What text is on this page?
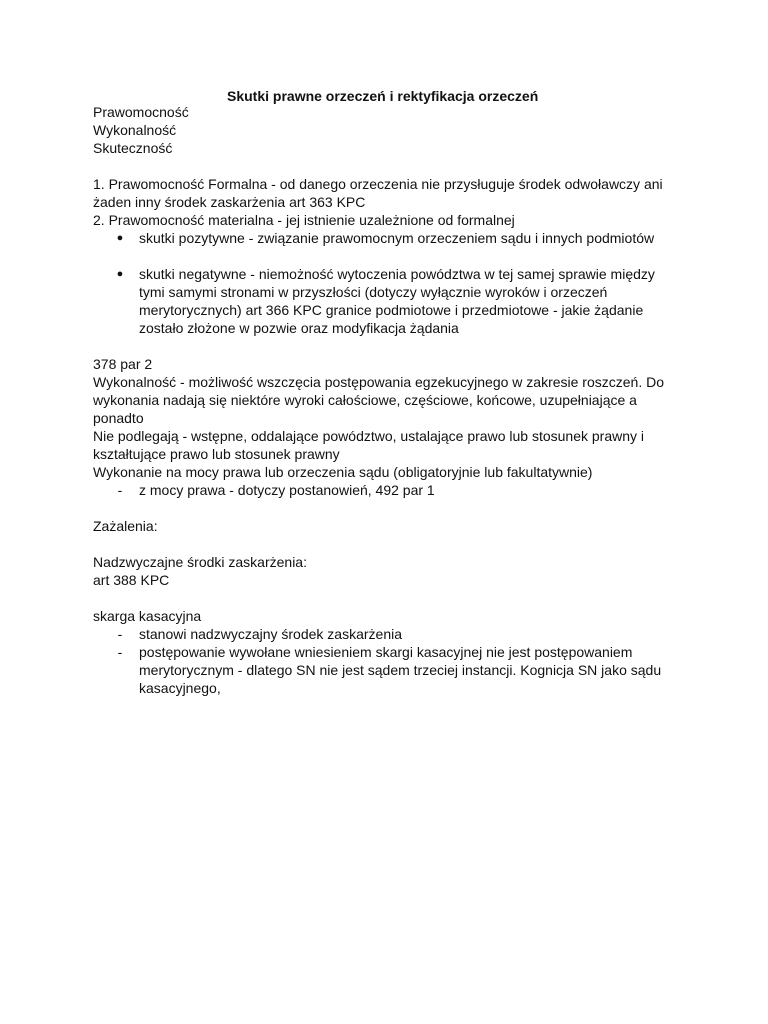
Skutki prawne orzeczeń i rektyfikacja orzeczeń
Prawomocność
Wykonalność
Skuteczność
1. Prawomocność Formalna - od danego orzeczenia nie przysługuje środek odwoławczy ani
żaden inny środek zaskarżenia art 363 KPC
2. Prawomocność materialna - jej istnienie uzależnione od formalnej
● skutki pozytywne - związanie prawomocnym orzeczeniem sądu i innych podmiotów
● skutki negatywne - niemożność wytoczenia powództwa w tej samej sprawie między
tymi samymi stronami w przyszłości (dotyczy wyłącznie wyroków i orzeczeń
merytorycznych) art 366 KPC granice podmiotowe i przedmiotowe - jakie żądanie
zostało złożone w pozwie oraz modyfikacja żądania
378 par 2
Wykonalność - możliwość wszczęcia postępowania egzekucyjnego w zakresie roszczeń. Do
wykonania nadają się niektóre wyroki całościowe, częściowe, końcowe, uzupełniające a
ponadto
Nie podlegają - wstępne, oddalające powództwo, ustalające prawo lub stosunek prawny i
kształtujące prawo lub stosunek prawny
Wykonanie na mocy prawa lub orzeczenia sądu (obligatoryjnie lub fakultatywnie)
-	z mocy prawa - dotyczy postanowień, 492 par 1
Zażalenia:
Nadzwyczajne środki zaskarżenia:
art 388 KPC
skarga kasacyjna
-	stanowi nadzwyczajny środek zaskarżenia
-	postępowanie wywołane wniesieniem skargi kasacyjnej nie jest postępowaniem
merytorycznym - dlatego SN nie jest sądem trzeciej instancji. Kognicja SN jako sądu
kasacyjnego,
